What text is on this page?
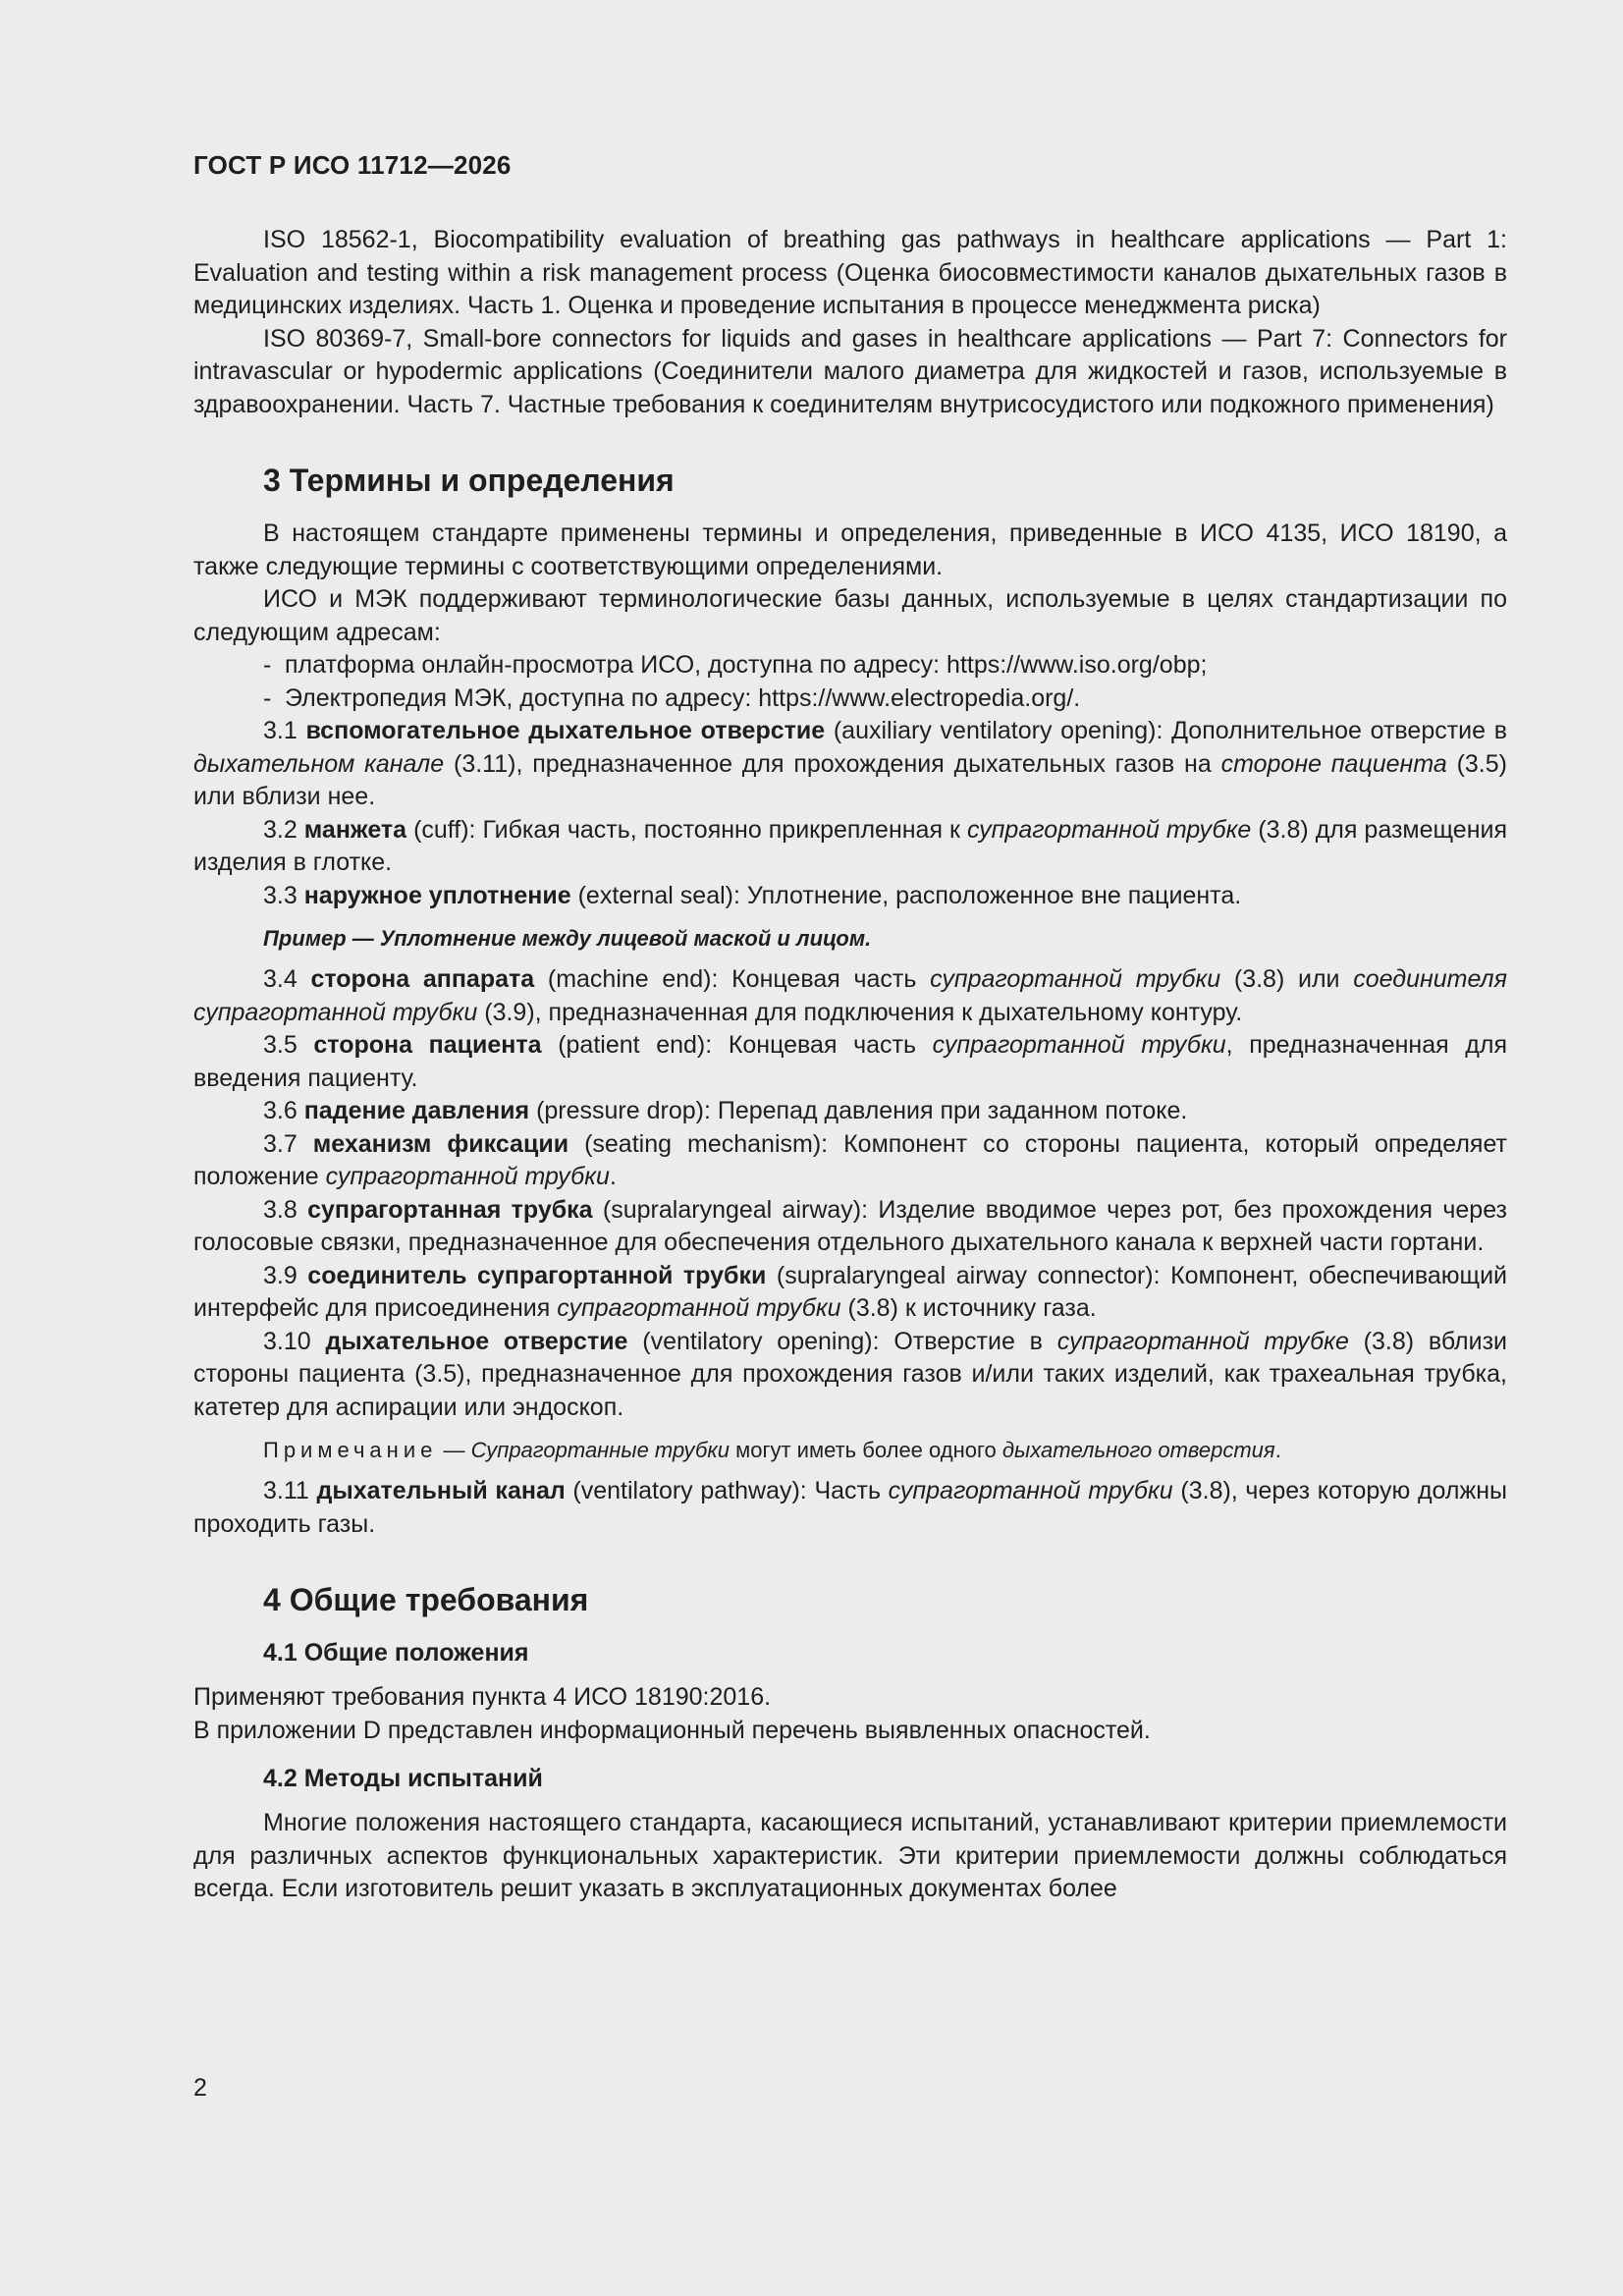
ГОСТ Р ИСО 11712—2026

ISO 18562-1, Biocompatibility evaluation of breathing gas pathways in healthcare applications — Part 1: Evaluation and testing within a risk management process (Оценка биосовместимости каналов дыхательных газов в медицинских изделиях. Часть 1. Оценка и проведение испытания в процессе менеджмента риска)

ISO 80369-7, Small-bore connectors for liquids and gases in healthcare applications — Part 7: Connectors for intravascular or hypodermic applications (Соединители малого диаметра для жидкостей и газов, используемые в здравоохранении. Часть 7. Частные требования к соединителям внутрисосудистого или подкожного применения)

3 Термины и определения

В настоящем стандарте применены термины и определения, приведенные в ИСО 4135, ИСО 18190, а также следующие термины с соответствующими определениями.

ИСО и МЭК поддерживают терминологические базы данных, используемые в целях стандартизации по следующим адресам:

- платформа онлайн-просмотра ИСО, доступна по адресу: https://www.iso.org/obp;

- Электропедия МЭК, доступна по адресу: https://www.electropedia.org/.

3.1 вспомогательное дыхательное отверстие (auxiliary ventilatory opening): Дополнительное отверстие в дыхательном канале (3.11), предназначенное для прохождения дыхательных газов на стороне пациента (3.5) или вблизи нее.

3.2 манжета (cuff): Гибкая часть, постоянно прикрепленная к супрагортанной трубке (3.8) для размещения изделия в глотке.

3.3 наружное уплотнение (external seal): Уплотнение, расположенное вне пациента.

Пример — Уплотнение между лицевой маской и лицом.

3.4 сторона аппарата (machine end): Концевая часть супрагортанной трубки (3.8) или соединителя супрагортанной трубки (3.9), предназначенная для подключения к дыхательному контуру.

3.5 сторона пациента (patient end): Концевая часть супрагортанной трубки, предназначенная для введения пациенту.

3.6 падение давления (pressure drop): Перепад давления при заданном потоке.

3.7 механизм фиксации (seating mechanism): Компонент со стороны пациента, который определяет положение супрагортанной трубки.

3.8 супрагортанная трубка (supralaryngeal airway): Изделие вводимое через рот, без прохождения через голосовые связки, предназначенное для обеспечения отдельного дыхательного канала к верхней части гортани.

3.9 соединитель супрагортанной трубки (supralaryngeal airway connector): Компонент, обеспечивающий интерфейс для присоединения супрагортанной трубки (3.8) к источнику газа.

3.10 дыхательное отверстие (ventilatory opening): Отверстие в супрагортанной трубке (3.8) вблизи стороны пациента (3.5), предназначенное для прохождения газов и/или таких изделий, как трахеальная трубка, катетер для аспирации или эндоскоп.

Примечание — Супрагортанные трубки могут иметь более одного дыхательного отверстия.

3.11 дыхательный канал (ventilatory pathway): Часть супрагортанной трубки (3.8), через которую должны проходить газы.

4 Общие требования
4.1 Общие положения

Применяют требования пункта 4 ИСО 18190:2016.

В приложении D представлен информационный перечень выявленных опасностей.

4.2 Методы испытаний

Многие положения настоящего стандарта, касающиеся испытаний, устанавливают критерии приемлемости для различных аспектов функциональных характеристик. Эти критерии приемлемости должны соблюдаться всегда. Если изготовитель решит указать в эксплуатационных документах более

2
